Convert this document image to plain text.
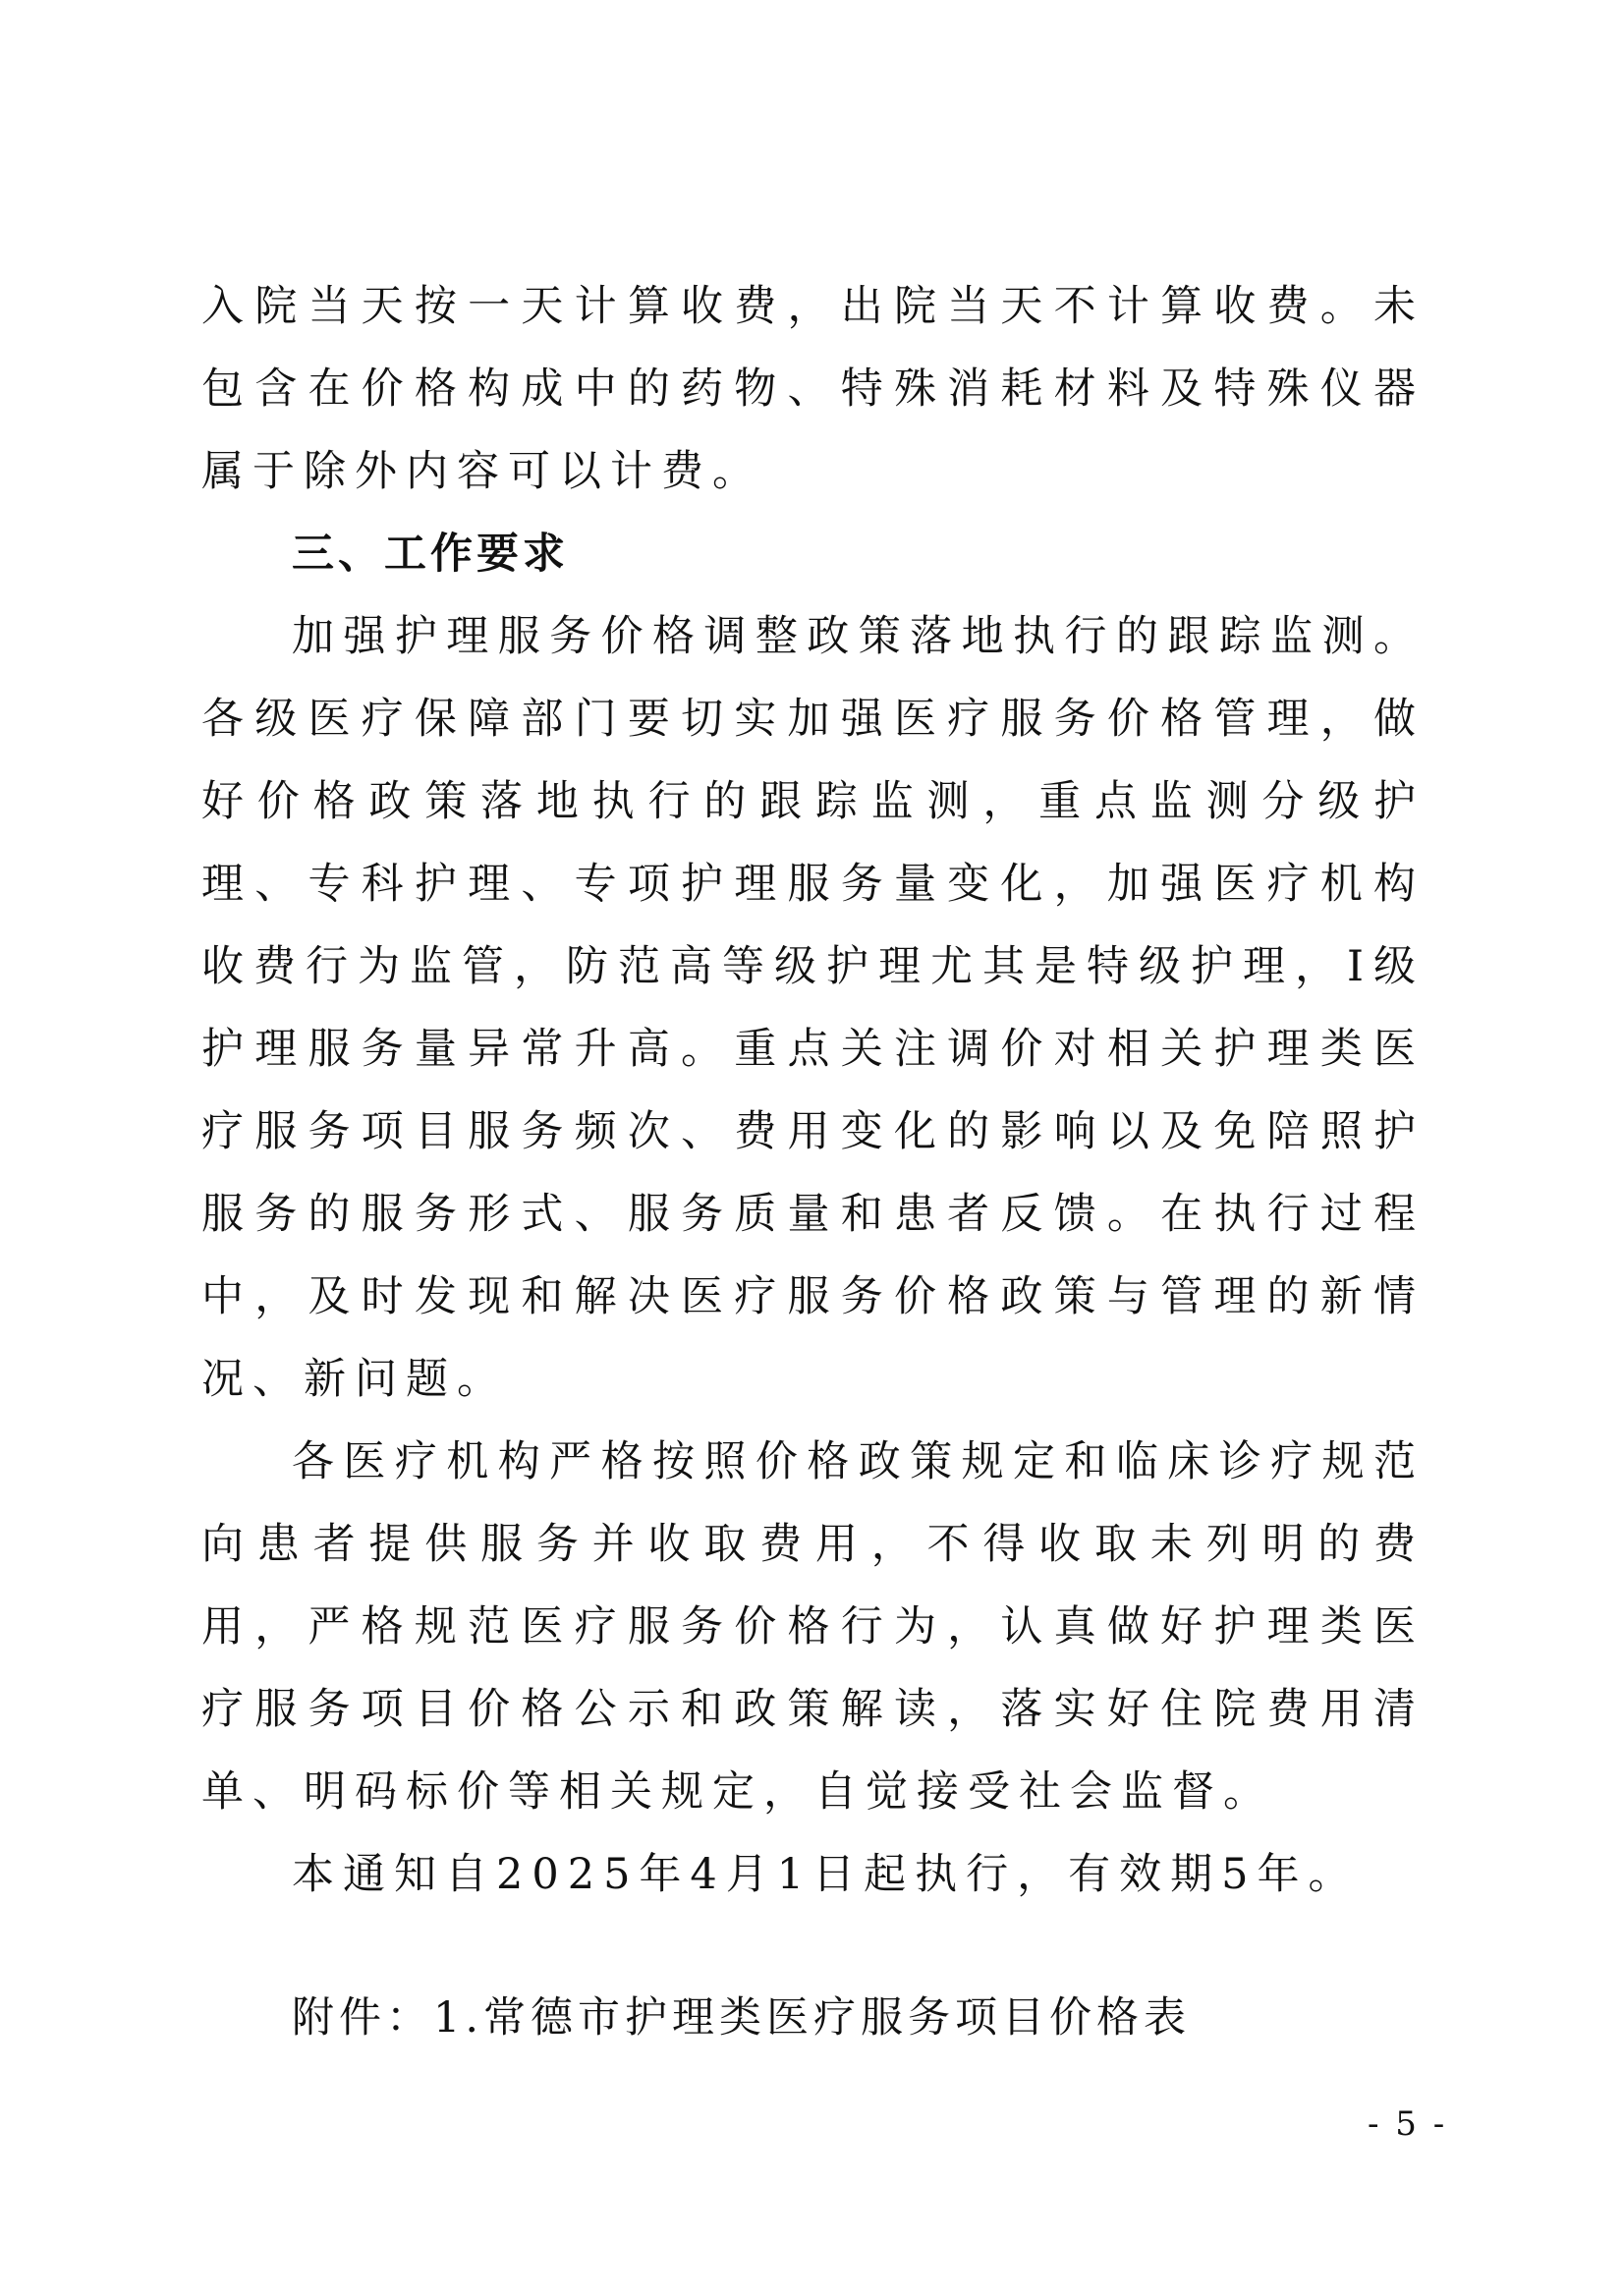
入院当天按一天计算收费，出院当天不计算收费。未包含在价格构成中的药物、特殊消耗材料及特殊仪器属于除外内容可以计费。

三、工作要求

加强护理服务价格调整政策落地执行的跟踪监测。各级医疗保障部门要切实加强医疗服务价格管理，做好价格政策落地执行的跟踪监测，重点监测分级护理、专科护理、专项护理服务量变化，加强医疗机构收费行为监管，防范高等级护理尤其是特级护理，I级护理服务量异常升高。重点关注调价对相关护理类医疗服务项目服务频次、费用变化的影响以及免陪照护服务的服务形式、服务质量和患者反馈。在执行过程中，及时发现和解决医疗服务价格政策与管理的新情况、新问题。

各医疗机构严格按照价格政策规定和临床诊疗规范向患者提供服务并收取费用，不得收取未列明的费用，严格规范医疗服务价格行为，认真做好护理类医疗服务项目价格公示和政策解读，落实好住院费用清单、明码标价等相关规定，自觉接受社会监督。

本通知自2025年4月1日起执行，有效期5年。

附件：1.常德市护理类医疗服务项目价格表

- 5 -
